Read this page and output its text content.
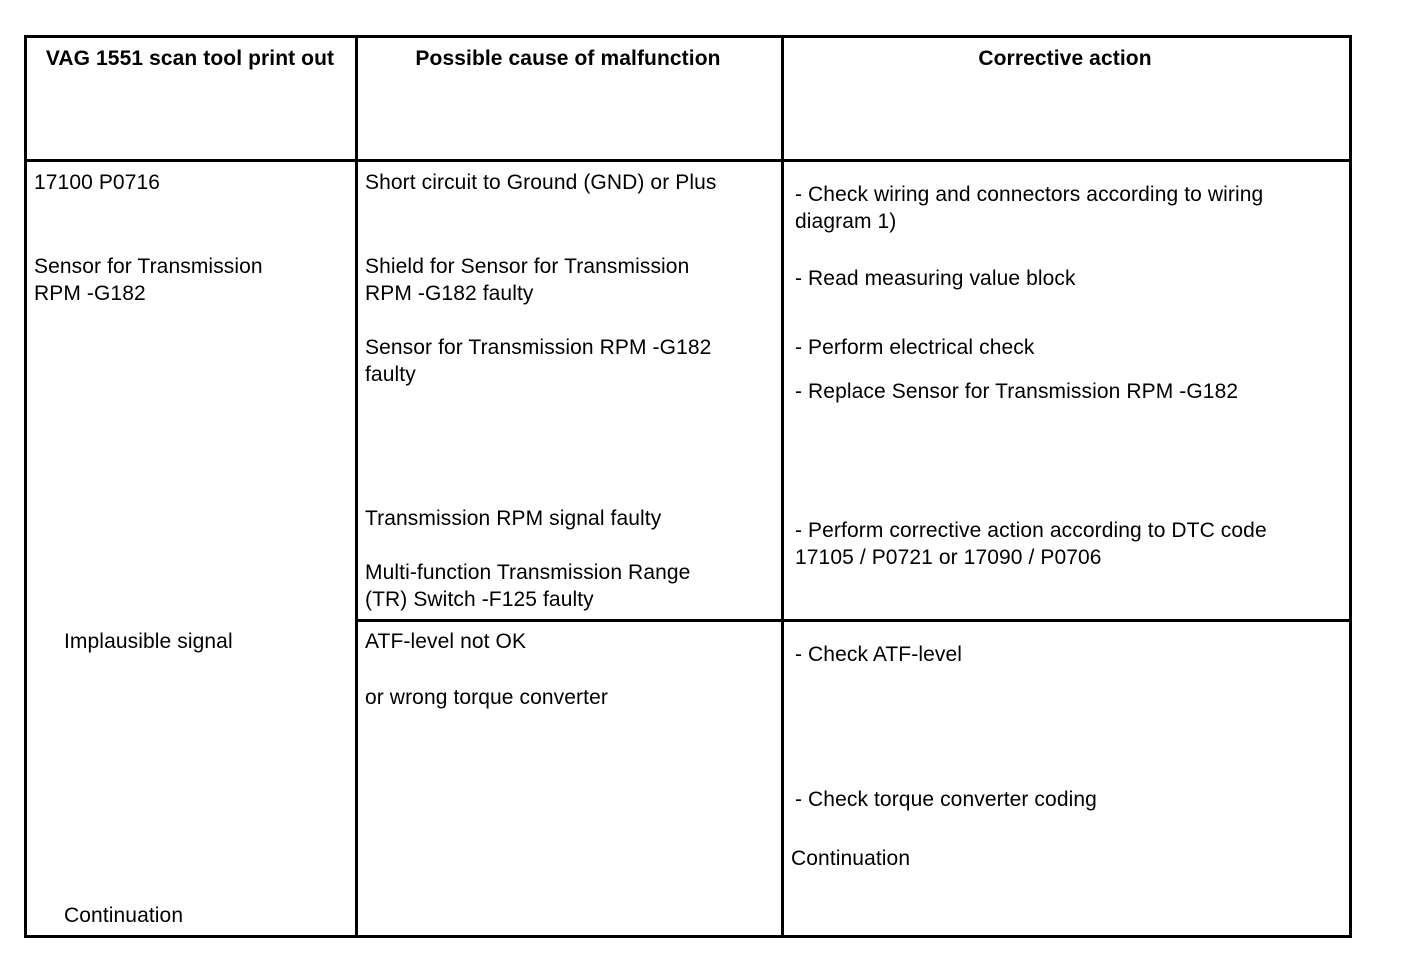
VAG 1551 scan tool print out	Possible cause of malfunction	Corrective action
17100 P0716
Sensor for Transmission
RPM -G182
Implausible signal
Continuation
Short circuit to Ground (GND) or Plus
Shield for Sensor for Transmission
RPM -G182 faulty
Sensor for Transmission RPM -G182
faulty
Transmission RPM signal faulty
Multi-function Transmission Range
(TR) Switch -F125 faulty
ATF-level not OK
or wrong torque converter
- Check wiring and connectors according to wiring
diagram 1)
- Read measuring value block
- Perform electrical check
- Replace Sensor for Transmission RPM -G182
- Perform corrective action according to DTC code
17105 / P0721 or 17090 / P0706
- Check ATF-level
- Check torque converter coding
Continuation
